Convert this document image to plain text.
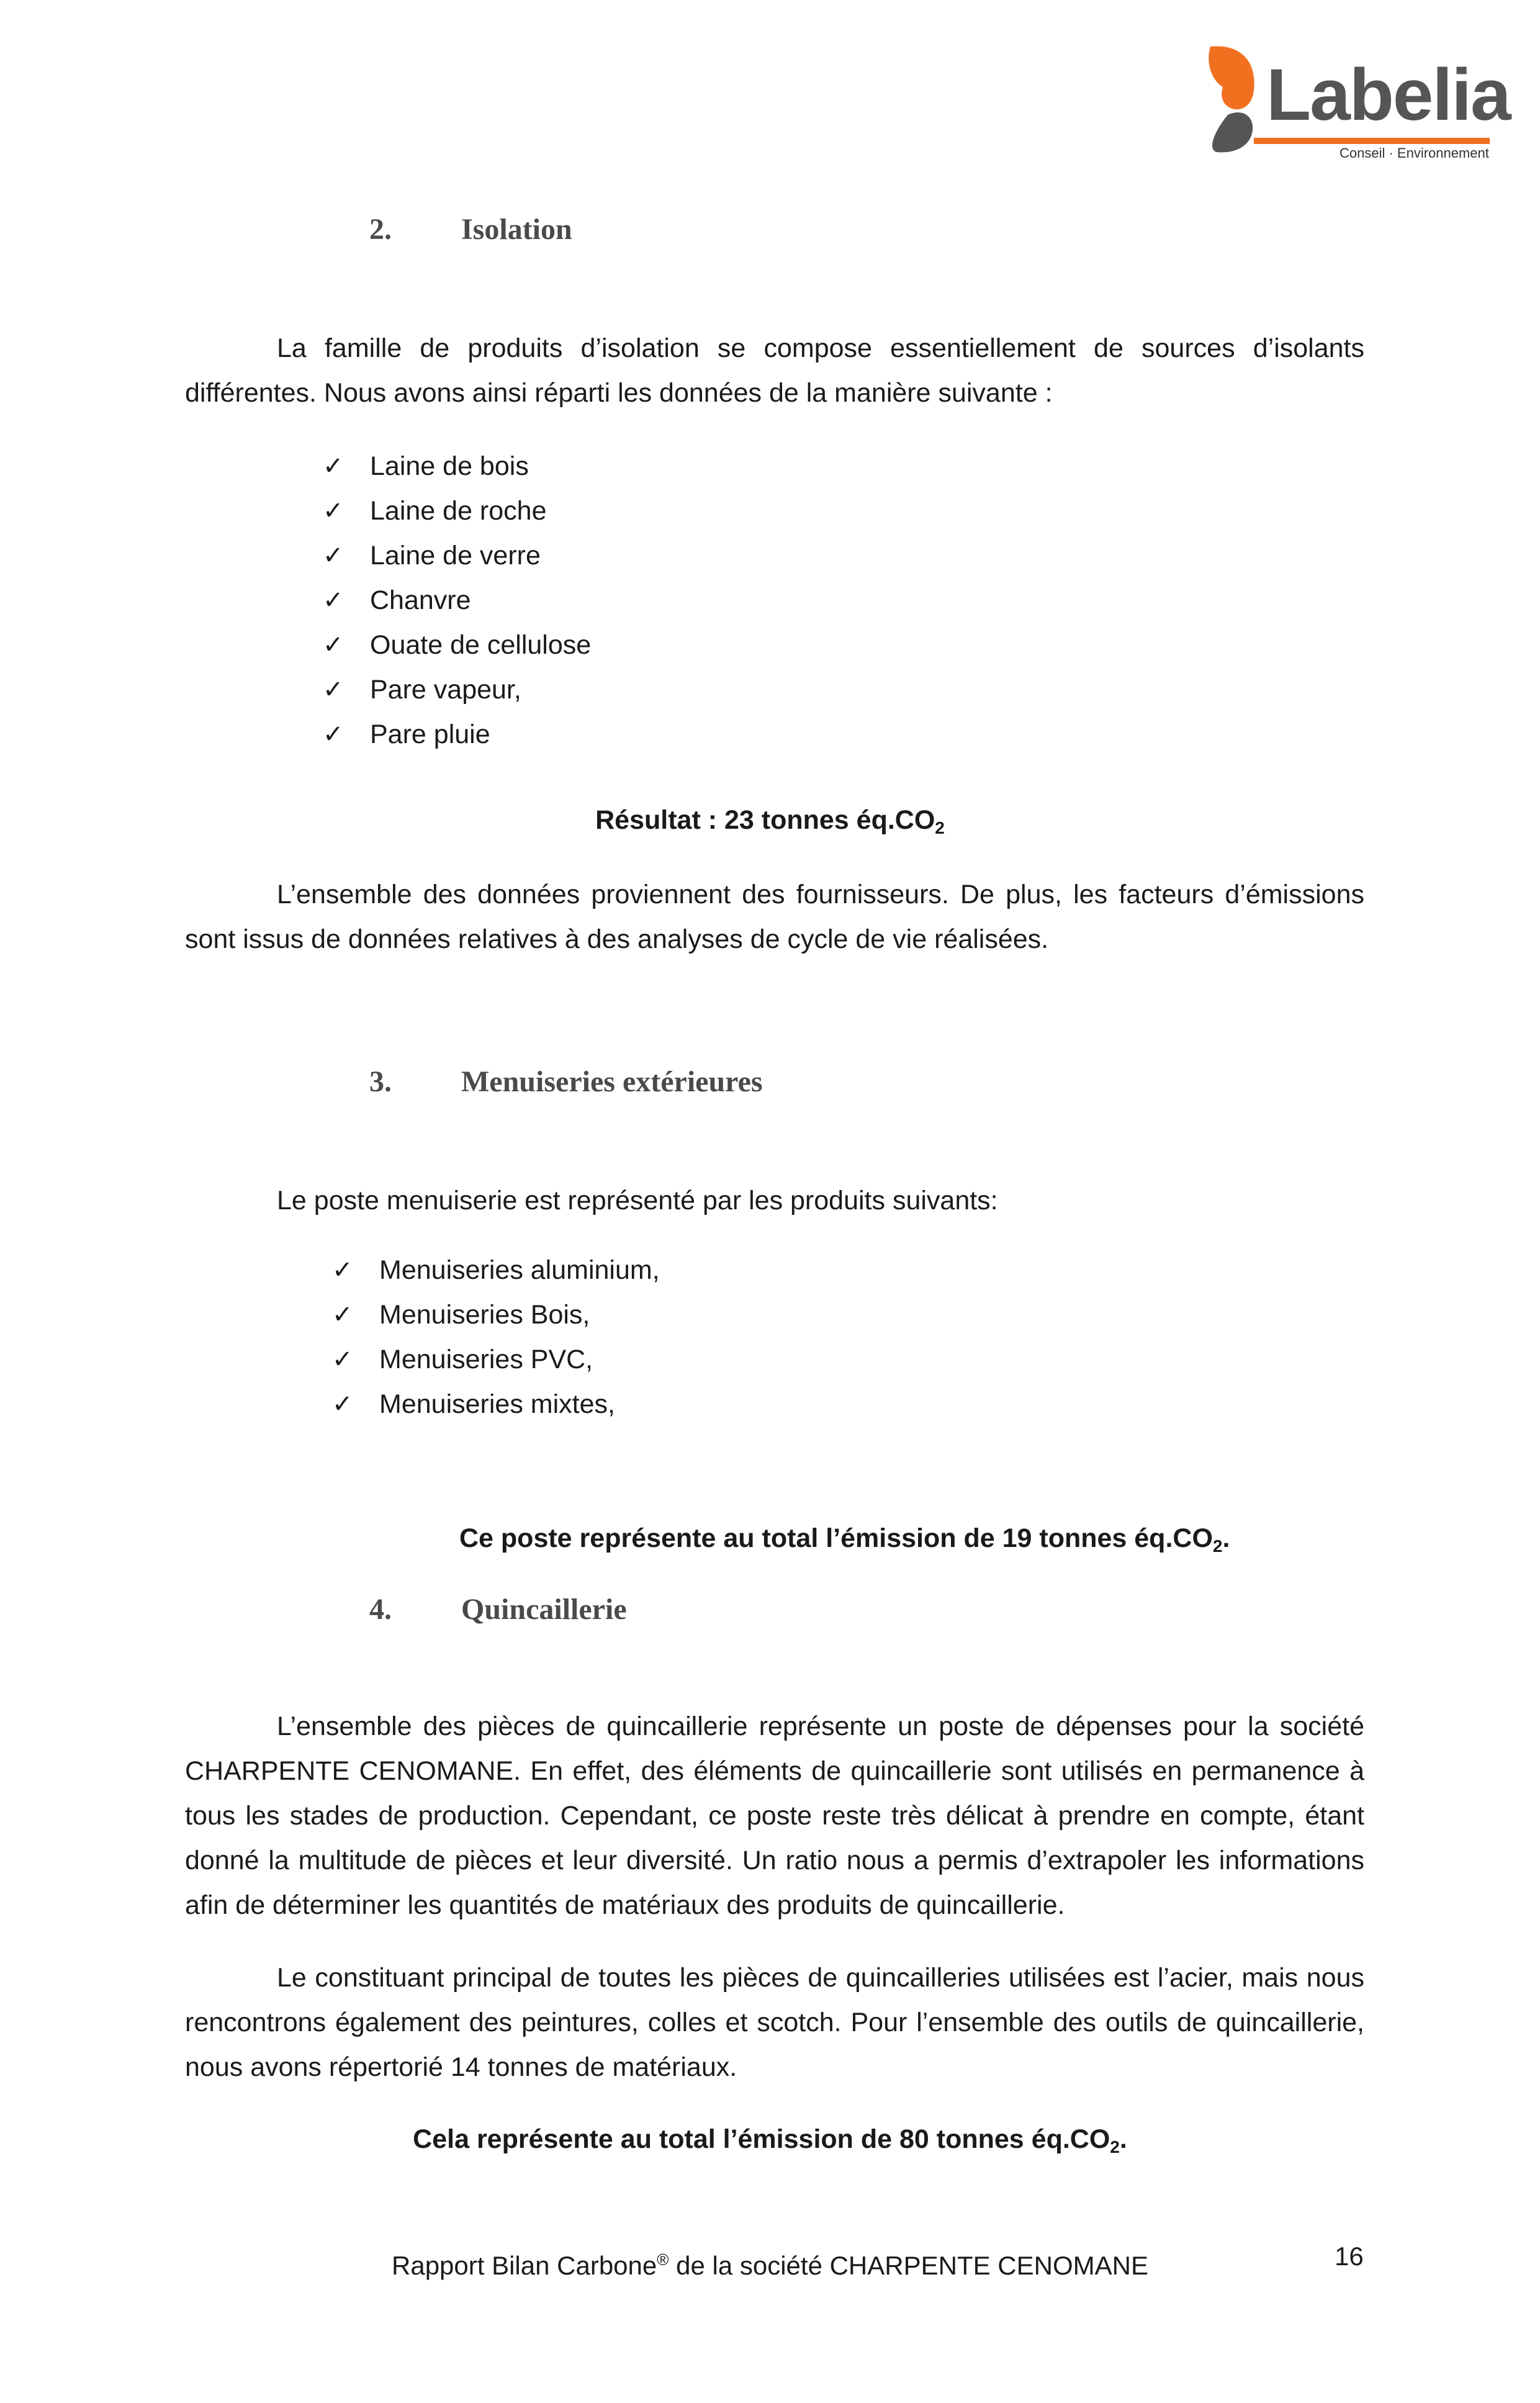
Labelia
Conseil · Environnement
2. Isolation
La famille de produits d’isolation se compose essentiellement de sources d’isolants différentes. Nous avons ainsi réparti les données de la manière suivante :
✓ Laine de bois
✓ Laine de roche
✓ Laine de verre
✓ Chanvre
✓ Ouate de cellulose
✓ Pare vapeur,
✓ Pare pluie
Résultat : 23 tonnes $éq.CO_2$
L’ensemble des données proviennent des fournisseurs. De plus, les facteurs d’émissions sont issus de données relatives à des analyses de cycle de vie réalisées.
3. Menuiseries extérieures
Le poste menuiserie est représenté par les produits suivants:
✓ Menuiseries aluminium,
✓ Menuiseries Bois,
✓ Menuiseries PVC,
✓ Menuiseries mixtes,
Ce poste représente au total l’émission de 19 tonnes $éq.CO_2$.
4. Quincaillerie
L’ensemble des pièces de quincaillerie représente un poste de dépenses pour la société CHARPENTE CENOMANE. En effet, des éléments de quincaillerie sont utilisés en permanence à tous les stades de production. Cependant, ce poste reste très délicat à prendre en compte, étant donné la multitude de pièces et leur diversité. Un ratio nous a permis d’extrapoler les informations afin de déterminer les quantités de matériaux des produits de quincaillerie.
Le constituant principal de toutes les pièces de quincailleries utilisées est l’acier, mais nous rencontrons également des peintures, colles et scotch. Pour l’ensemble des outils de quincaillerie, nous avons répertorié 14 tonnes de matériaux.
Cela représente au total l’émission de 80 tonnes $éq.CO_2$.
Rapport Bilan Carbone® de la société CHARPENTE CENOMANE	16
